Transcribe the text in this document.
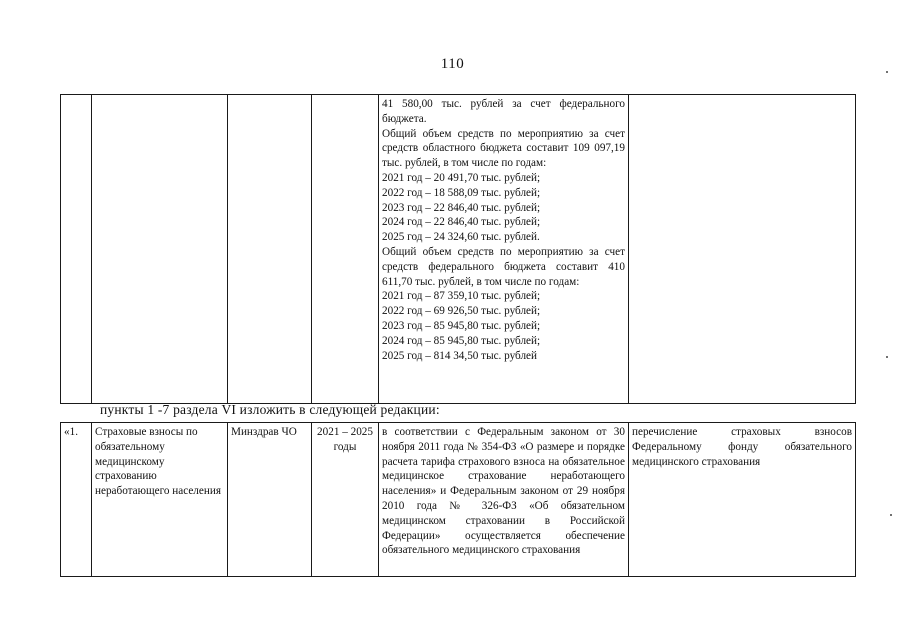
110

41 580,00 тыс. рублей за счет федерального бюджета.
Общий объем средств по мероприятию за счет средств областного бюджета составит 109 097,19 тыс. рублей, в том числе по годам:
2021 год – 20 491,70 тыс. рублей;
2022 год – 18 588,09 тыс. рублей;
2023 год – 22 846,40 тыс. рублей;
2024 год – 22 846,40 тыс. рублей;
2025 год – 24 324,60 тыс. рублей.
Общий объем средств по мероприятию за счет средств федерального бюджета составит 410 611,70 тыс. рублей, в том числе по годам:
2021 год – 87 359,10 тыс. рублей;
2022 год – 69 926,50 тыс. рублей;
2023 год – 85 945,80 тыс. рублей;
2024 год – 85 945,80 тыс. рублей;
2025 год – 814 34,50 тыс. рублей

пункты 1 -7 раздела VI изложить в следующей редакции:
«1.	Страховые взносы по обязательному медицинскому страхованию неработающего населения	Минздрав ЧО	2021 – 2025 годы	в соответствии с Федеральным законом от 30 ноября 2011 года № 354-ФЗ «О размере и порядке расчета тарифа страхового взноса на обязательное медицинское страхование неработающего населения» и Федеральным законом от 29 ноября 2010 года № 326-ФЗ «Об обязательном медицинском страховании в Российской Федерации» осуществляется обеспечение обязательного медицинского страхования	перечисление страховых взносов Федеральному фонду обязательного медицинского страхования
